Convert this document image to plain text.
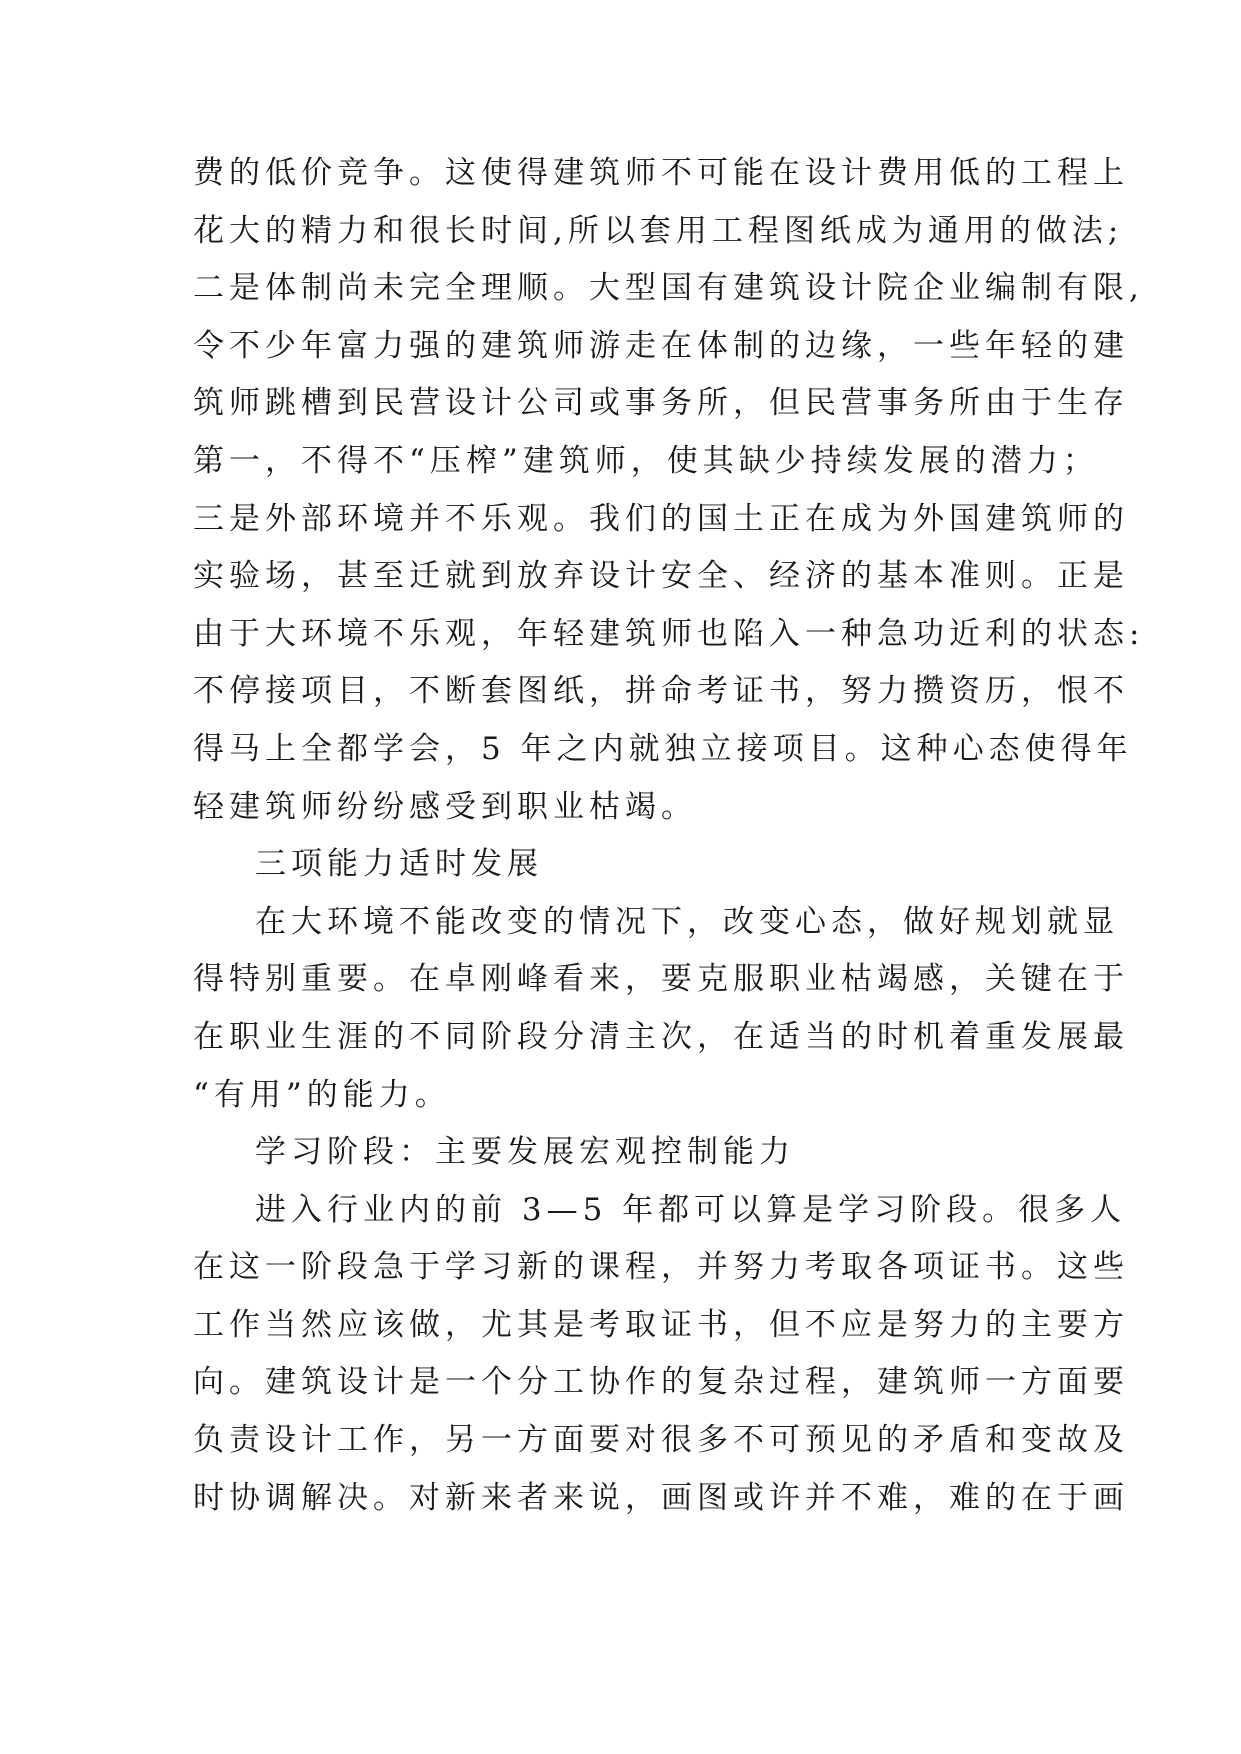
费的低价竞争。这使得建筑师不可能在设计费用低的工程上
花大的精力和很长时间,所以套用工程图纸成为通用的做法;
二是体制尚未完全理顺。大型国有建筑设计院企业编制有限,
令不少年富力强的建筑师游走在体制的边缘，一些年轻的建
筑师跳槽到民营设计公司或事务所，但民营事务所由于生存
第一，不得不“压榨”建筑师，使其缺少持续发展的潜力；
三是外部环境并不乐观。我们的国土正在成为外国建筑师的
实验场，甚至迁就到放弃设计安全、经济的基本准则。正是
由于大环境不乐观，年轻建筑师也陷入一种急功近利的状态:
不停接项目，不断套图纸，拼命考证书，努力攒资历，恨不
得马上全都学会，5 年之内就独立接项目。这种心态使得年
轻建筑师纷纷感受到职业枯竭。
三项能力适时发展
在大环境不能改变的情况下，改变心态，做好规划就显
得特别重要。在卓刚峰看来，要克服职业枯竭感，关键在于
在职业生涯的不同阶段分清主次，在适当的时机着重发展最
“有用”的能力。
学习阶段：主要发展宏观控制能力
进入行业内的前 3—5 年都可以算是学习阶段。很多人
在这一阶段急于学习新的课程，并努力考取各项证书。这些
工作当然应该做，尤其是考取证书，但不应是努力的主要方
向。建筑设计是一个分工协作的复杂过程，建筑师一方面要
负责设计工作，另一方面要对很多不可预见的矛盾和变故及
时协调解决。对新来者来说，画图或许并不难，难的在于画
